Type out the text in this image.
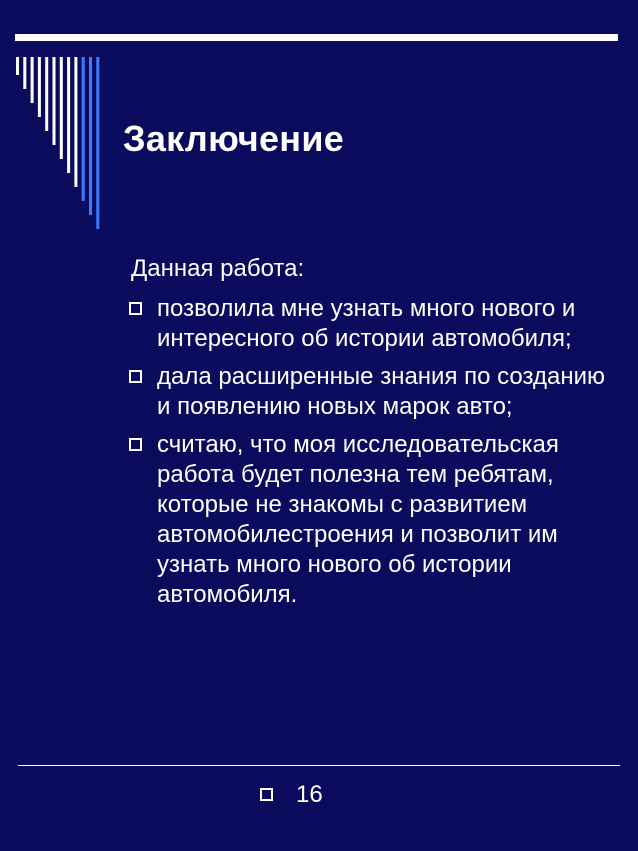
Заключение
Данная работа:
позволила мне узнать много нового и интересного об истории автомобиля;
дала расширенные знания по созданию и появлению новых марок авто;
считаю, что моя исследовательская работа будет полезна тем ребятам, которые не знакомы с развитием автомобилестроения и позволит им узнать много нового об истории автомобиля.
16
